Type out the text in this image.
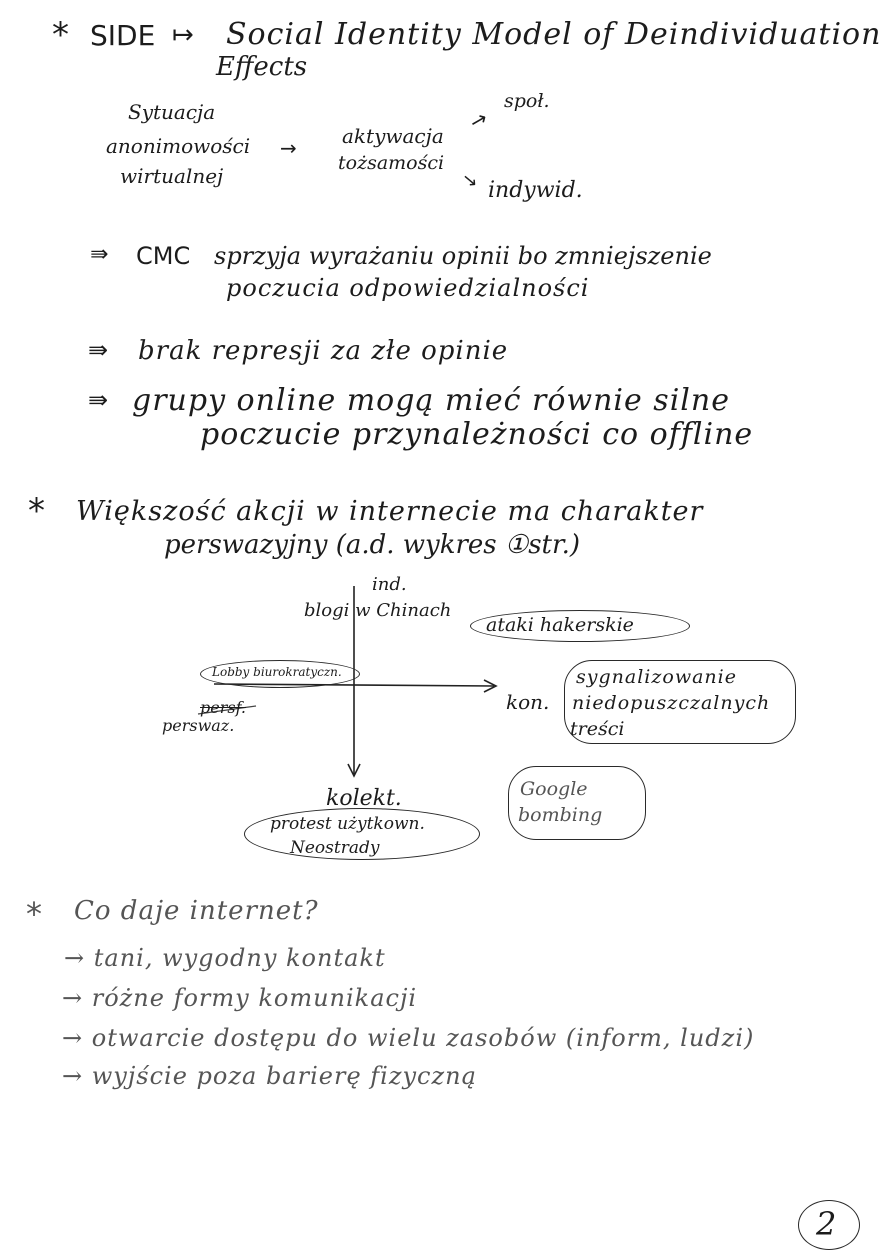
* SIDE ↦ Social Identity Model of Deindividuation
Effects
Sytuacja
anonimowości
wirtualnej
→ aktywacja
tożsamości
→
społ.
→ indywid.
⇛ CMC sprzyja wyrażaniu opinii bo zmniejszenie
poczucia odpowiedzialności
⇛ brak represji za złe opinie
⇛ grupy online mogą mieć równie silne
poczucie przynależności co offline
* Większość akcji w internecie ma charakter
perswazyjny (a.d. wykres ①str.)
ind.
kolekt.
kon.
persf.
perswaz.
blogi w Chinach
ataki hakerskie
Lobby biurokratyczn.	sygnalizowanie
niedopuszczalnych
treści
Google
bombing
protest użytkown.
Neostrady
* Co daje internet?
→ tani, wygodny kontakt
→ różne formy komunikacji
→ otwarcie dostępu do wielu zasobów (inform, ludzi)
→ wyjście poza barierę fizyczną
2
